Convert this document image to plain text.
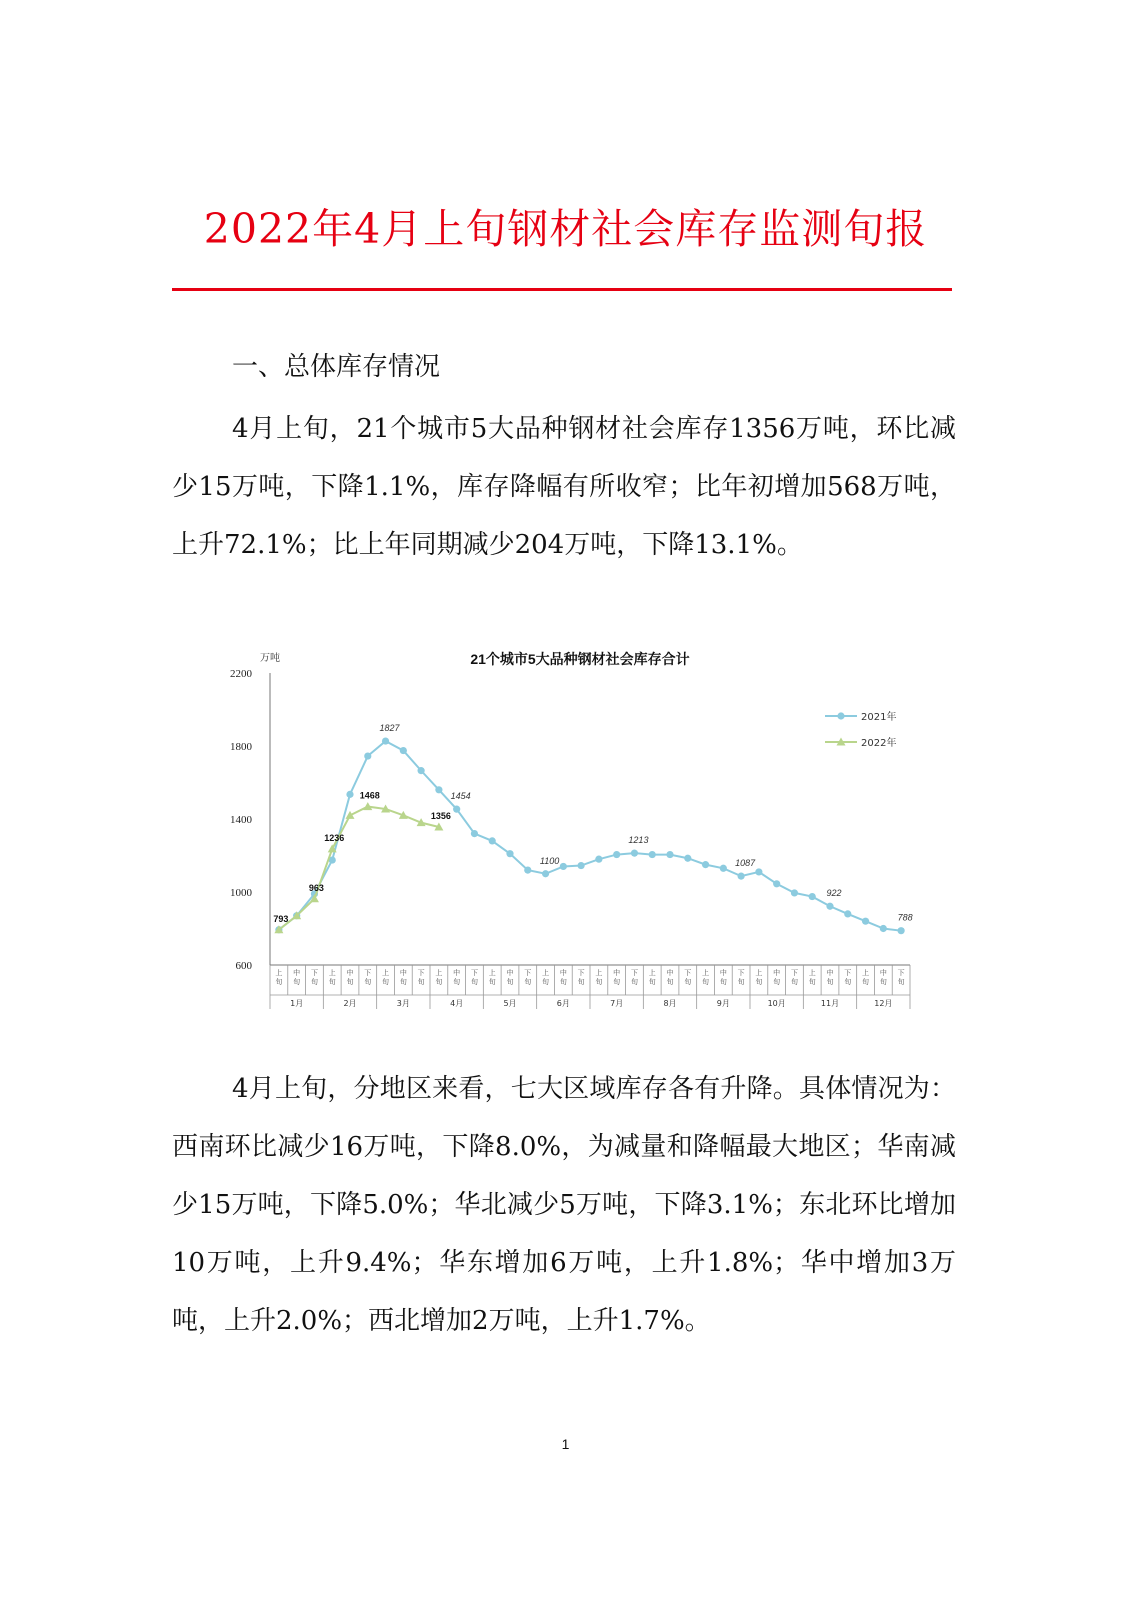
2022年4月上旬钢材社会库存监测旬报
一、总体库存情况

4月上旬，21个城市5大品种钢材社会库存1356万吨，环比减少15万吨，下降1.1%，库存降幅有所收窄；比年初增加568万吨，上升72.1%；比上年同期减少204万吨，下降13.1%。

21个城市5大品种钢材社会库存合计
万吨
600
1000
1400
1800
2200
上
旬
中
旬
下
旬
上
旬
中
旬
下
旬
上
旬
中
旬
下
旬
上
旬
中
旬
下
旬
上
旬
中
旬
下
旬
上
旬
中
旬
下
旬
上
旬
中
旬
下
旬
上
旬
中
旬
下
旬
上
旬
中
旬
下
旬
上
旬
中
旬
下
旬
上
旬
中
旬
下
旬
上
旬
中
旬
下
旬
1月	2月	3月	4月	5月	6月	7月	8月	9月	10月	11月	12月
1827
1454
1100
1213
1087
922
788
793
963
1236
1468
1356
2021年
2022年

4月上旬，分地区来看，七大区域库存各有升降。具体情况为：西南环比减少16万吨，下降8.0%，为减量和降幅最大地区；华南减少15万吨，下降5.0%；华北减少5万吨，下降3.1%；东北环比增加10万吨，上升9.4%；华东增加6万吨，上升1.8%；华中增加3万吨，上升2.0%；西北增加2万吨，上升1.7%。

1
